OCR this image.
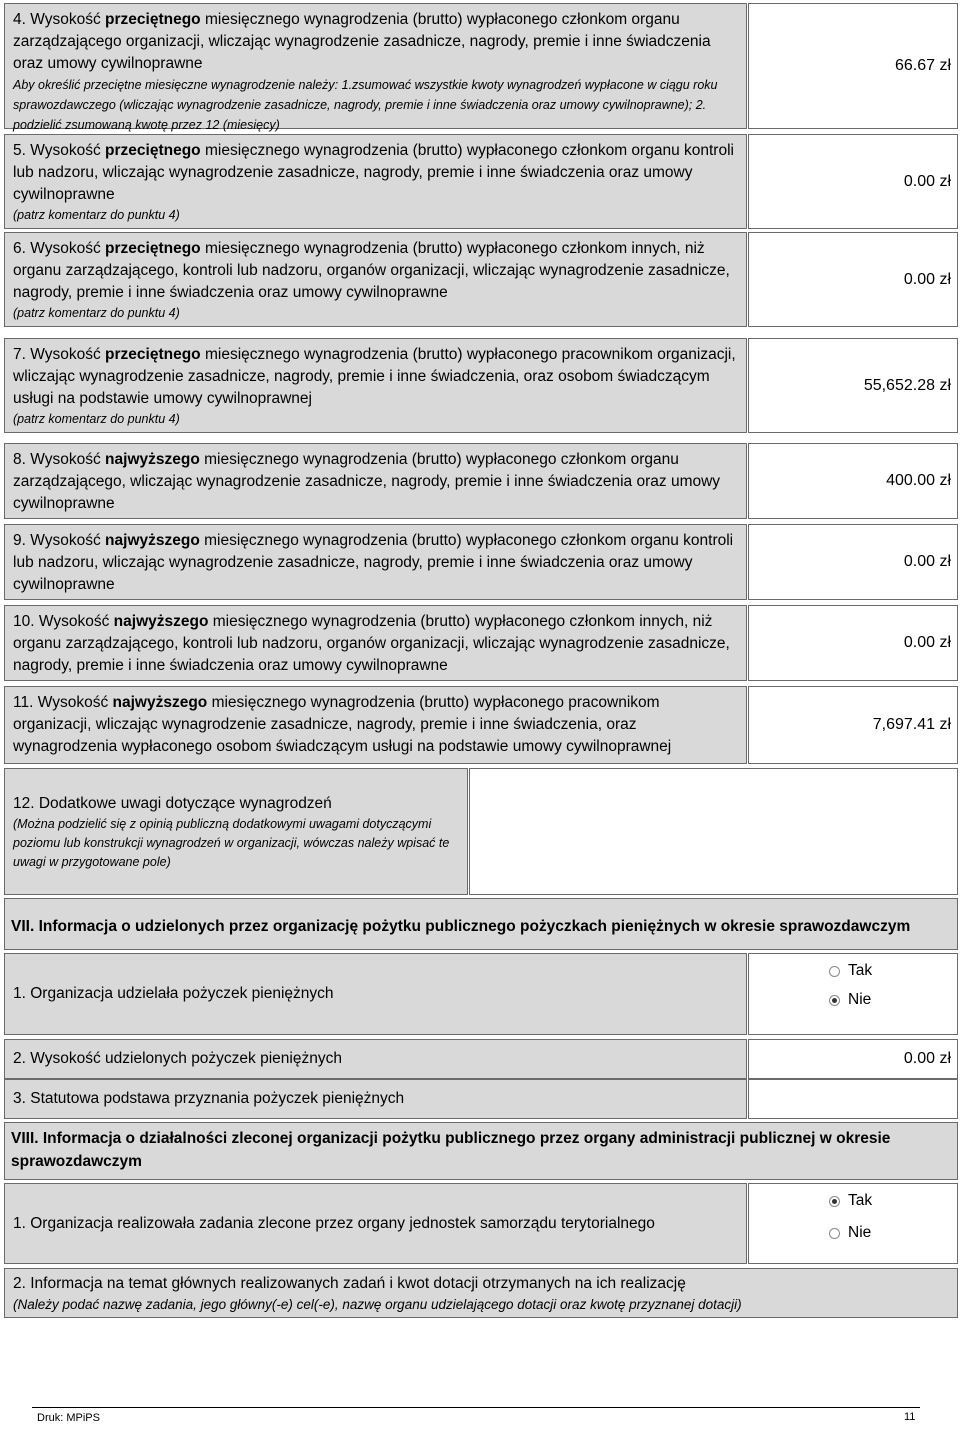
4. Wysokość przeciętnego miesięcznego wynagrodzenia (brutto) wypłaconego członkom organu zarządzającego organizacji, wliczając wynagrodzenie zasadnicze, nagrody, premie i inne świadczenia oraz umowy cywilnoprawne
Aby określić przeciętne miesięczne wynagrodzenie należy: 1.zsumować wszystkie kwoty wynagrodzeń wypłacone w ciągu roku sprawozdawczego (wliczając wynagrodzenie zasadnicze, nagrody, premie i inne świadczenia oraz umowy cywilnoprawne); 2. podzielić zsumowaną kwotę przez 12 (miesięcy)
66.67 zł
5. Wysokość przeciętnego miesięcznego wynagrodzenia (brutto) wypłaconego członkom organu kontroli lub nadzoru, wliczając wynagrodzenie zasadnicze, nagrody, premie i inne świadczenia oraz umowy cywilnoprawne
(patrz komentarz do punktu 4)
0.00 zł
6. Wysokość przeciętnego miesięcznego wynagrodzenia (brutto) wypłaconego członkom innych, niż organu zarządzającego, kontroli lub nadzoru, organów organizacji, wliczając wynagrodzenie zasadnicze, nagrody, premie i inne świadczenia oraz umowy cywilnoprawne
(patrz komentarz do punktu 4)
0.00 zł
7. Wysokość przeciętnego miesięcznego wynagrodzenia (brutto) wypłaconego pracownikom organizacji, wliczając wynagrodzenie zasadnicze, nagrody, premie i inne świadczenia, oraz osobom świadczącym usługi na podstawie umowy cywilnoprawnej
(patrz komentarz do punktu 4)
55,652.28 zł
8. Wysokość najwyższego miesięcznego wynagrodzenia (brutto) wypłaconego członkom organu zarządzającego, wliczając wynagrodzenie zasadnicze, nagrody, premie i inne świadczenia oraz umowy cywilnoprawne
400.00 zł
9. Wysokość najwyższego miesięcznego wynagrodzenia (brutto) wypłaconego członkom organu kontroli lub nadzoru, wliczając wynagrodzenie zasadnicze, nagrody, premie i inne świadczenia oraz umowy cywilnoprawne
0.00 zł
10. Wysokość najwyższego miesięcznego wynagrodzenia (brutto) wypłaconego członkom innych, niż organu zarządzającego, kontroli lub nadzoru, organów organizacji, wliczając wynagrodzenie zasadnicze, nagrody, premie i inne świadczenia oraz umowy cywilnoprawne
0.00 zł
11. Wysokość najwyższego miesięcznego wynagrodzenia (brutto) wypłaconego pracownikom organizacji, wliczając wynagrodzenie zasadnicze, nagrody, premie i inne świadczenia, oraz wynagrodzenia wypłaconego osobom świadczącym usługi na podstawie umowy cywilnoprawnej
7,697.41 zł
12. Dodatkowe uwagi dotyczące wynagrodzeń
(Można podzielić się z opinią publiczną dodatkowymi uwagami dotyczącymi poziomu lub konstrukcji wynagrodzeń w organizacji, wówczas należy wpisać te uwagi w przygotowane pole)
VII. Informacja o udzielonych przez organizację pożytku publicznego pożyczkach pieniężnych w okresie sprawozdawczym
1. Organizacja udzielała pożyczek pieniężnych
Tak
Nie
2. Wysokość udzielonych pożyczek pieniężnych	0.00 zł
3. Statutowa podstawa przyznania pożyczek pieniężnych
VIII. Informacja o działalności zleconej organizacji pożytku publicznego przez organy administracji publicznej w okresie sprawozdawczym
1. Organizacja realizowała zadania zlecone przez organy jednostek samorządu terytorialnego
Tak
Nie
2. Informacja na temat głównych realizowanych zadań i kwot dotacji otrzymanych na ich realizację
(Należy podać nazwę zadania, jego główny(-e) cel(-e), nazwę organu udzielającego dotacji oraz kwotę przyznanej dotacji)
Druk: MPiPS	11
